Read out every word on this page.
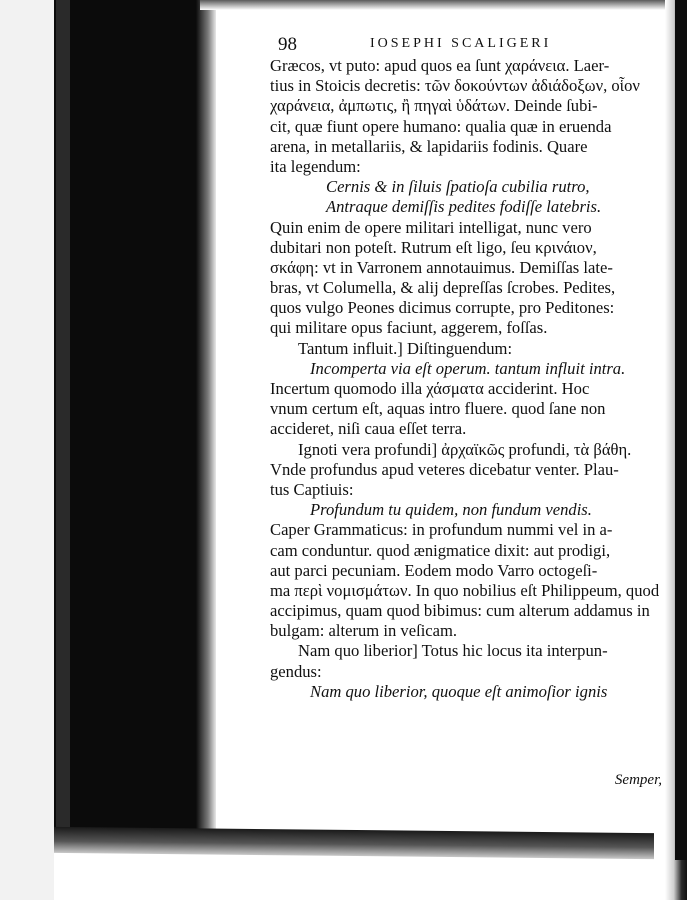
98	IOSEPHI SCALIGERI
Græcos, vt puto: apud quos ea ſunt χαράνεια. Laer-
tius in Stoicis decretis: τῶν δοκούντων ἀδιάδοξων, οἷον
χαράνεια, ἀμπωτις, ἢ πηγαὶ ὑδάτων. Deinde ſubi-
cit, quæ fiunt opere humano: qualia quæ in eruenda
arena, in metallariis, & lapidariis fodinis. Quare
ita legendum:
Cernis & in ſiluis ſpatioſa cubilia rutro,
Antraque demiſſis pedites fodiſſe latebris.
Quin enim de opere militari intelligat, nunc vero
dubitari non poteſt. Rutrum eſt ligo, ſeu κρινάιον,
σκάφη: vt in Varronem annotauimus. Demiſſas late-
bras, vt Columella, & alij depreſſas ſcrobes. Pedites,
quos vulgo Peones dicimus corrupte, pro Peditones:
qui militare opus faciunt, aggerem, foſſas.
Tantum influit.] Diſtinguendum:
Incomperta via eſt operum. tantum influit intra.
Incertum quomodo illa χάσματα acciderint. Hoc
vnum certum eſt, aquas intro fluere. quod ſane non
accideret, niſi caua eſſet terra.
Ignoti vera profundi] ἀρχαϊκῶς profundi, τὰ βάθη.
Vnde profundus apud veteres dicebatur venter. Plau-
tus Captiuis:
Profundum tu quidem, non fundum vendis.
Caper Grammaticus: in profundum nummi vel in a-
cam conduntur. quod ænigmatice dixit: aut prodigi,
aut parci pecuniam. Eodem modo Varro octogeſi-
ma περὶ νομισμάτων. In quo nobilius eſt Philippeum, quod
accipimus, quam quod bibimus: cum alterum addamus in
bulgam: alterum in veſicam.
Nam quo liberior] Totus hic locus ita interpun-
gendus:
Nam quo liberior, quoque eſt animoſior ignis
Semper,
